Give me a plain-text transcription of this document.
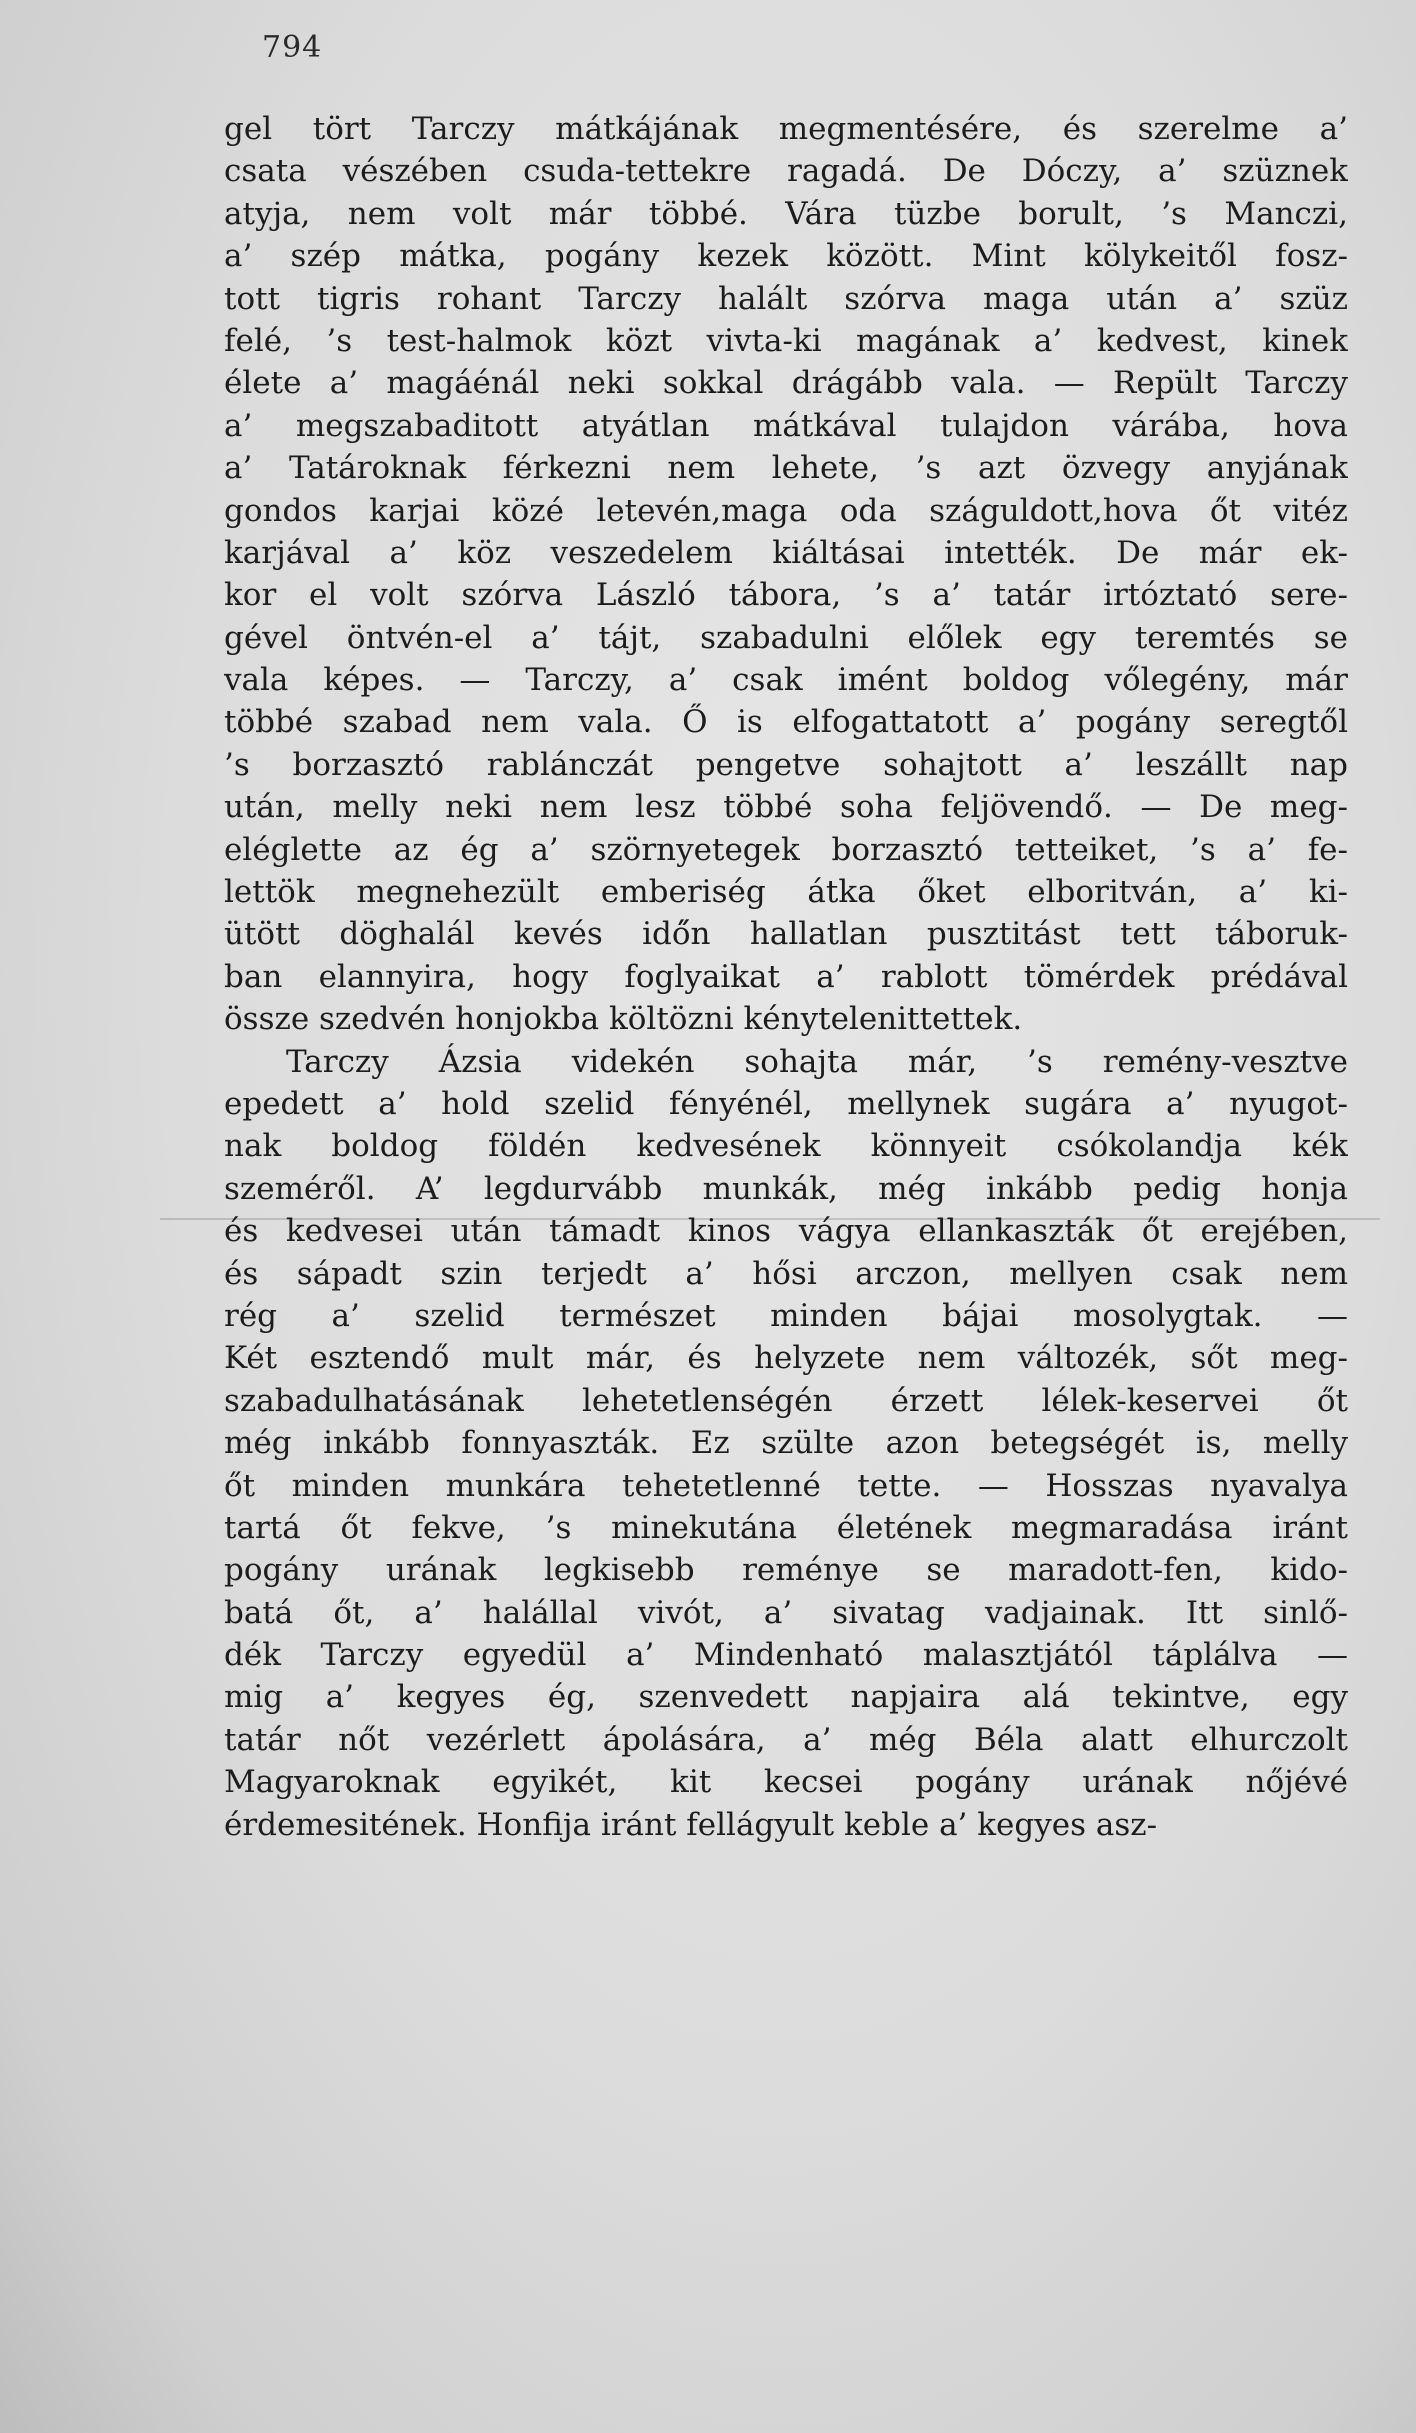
794
gel tört Tarczy mátkájának megmentésére, és szerelme a’
csata vészében csuda-tettekre ragadá. De Dóczy, a’ szüznek
atyja, nem volt már többé. Vára tüzbe borult, ’s Manczi,
a’ szép mátka, pogány kezek között. Mint kölykeitől fosz-
tott tigris rohant Tarczy halált szórva maga után a’ szüz
felé, ’s test-halmok közt vivta-ki magának a’ kedvest, kinek
élete a’ magáénál neki sokkal drágább vala. — Repült Tarczy
a’ megszabaditott atyátlan mátkával tulajdon várába, hova
a’ Tatároknak férkezni nem lehete, ’s azt özvegy anyjának
gondos karjai közé letevén,maga oda száguldott,hova őt vitéz
karjával a’ köz veszedelem kiáltásai intették. De már ek-
kor el volt szórva László tábora, ’s a’ tatár irtóztató sere-
gével öntvén-el a’ tájt, szabadulni előlek egy teremtés se
vala képes. — Tarczy, a’ csak imént boldog vőlegény, már
többé szabad nem vala. Ő is elfogattatott a’ pogány seregtől
’s borzasztó rablánczát pengetve sohajtott a’ leszállt nap
után, melly neki nem lesz többé soha feljövendő. — De meg-
eléglette az ég a’ szörnyetegek borzasztó tetteiket, ’s a’ fe-
lettök megnehezült emberiség átka őket elboritván, a’ ki-
ütött döghalál kevés idő̋n hallatlan pusztitást tett táboruk-
ban elannyira, hogy foglyaikat a’ rablott tömérdek prédával
össze szedvén honjokba költözni kénytelenittettek.
Tarczy Ázsia videkén sohajta már, ’s remény-vesztve
epedett a’ hold szelid fényénél, mellynek sugára a’ nyugot-
nak boldog földén kedvesének könnyeit csókolandja kék
szeméről. A’ legdurvább munkák, még inkább pedig honja
és kedvesei után támadt kinos vágya ellankaszták őt erejében,
és sápadt szin terjedt a’ hősi arczon, mellyen csak nem
rég a’ szelid természet minden bájai mosolygtak. —
Két esztendő mult már, és helyzete nem változék, sőt meg-
szabadulhatásának lehetetlenségén érzett lélek-keservei őt
még inkább fonnyaszták. Ez szülte azon betegségét is, melly
őt minden munkára tehetetlenné tette. — Hosszas nyavalya
tartá őt fekve, ’s minekutána életének megmaradása iránt
pogány urának legkisebb reménye se maradott-fen, kido-
batá őt, a’ halállal vivót, a’ sivatag vadjainak. Itt sinlő-
dék Tarczy egyedül a’ Mindenható malasztjától táplálva —
mig a’ kegyes ég, szenvedett napjaira alá tekintve, egy
tatár nőt vezérlett ápolására, a’ még Béla alatt elhurczolt
Magyaroknak egyikét, kit kecsei pogány urának nőjévé
érdemesitének. Honfija iránt fellágyult keble a’ kegyes asz-
